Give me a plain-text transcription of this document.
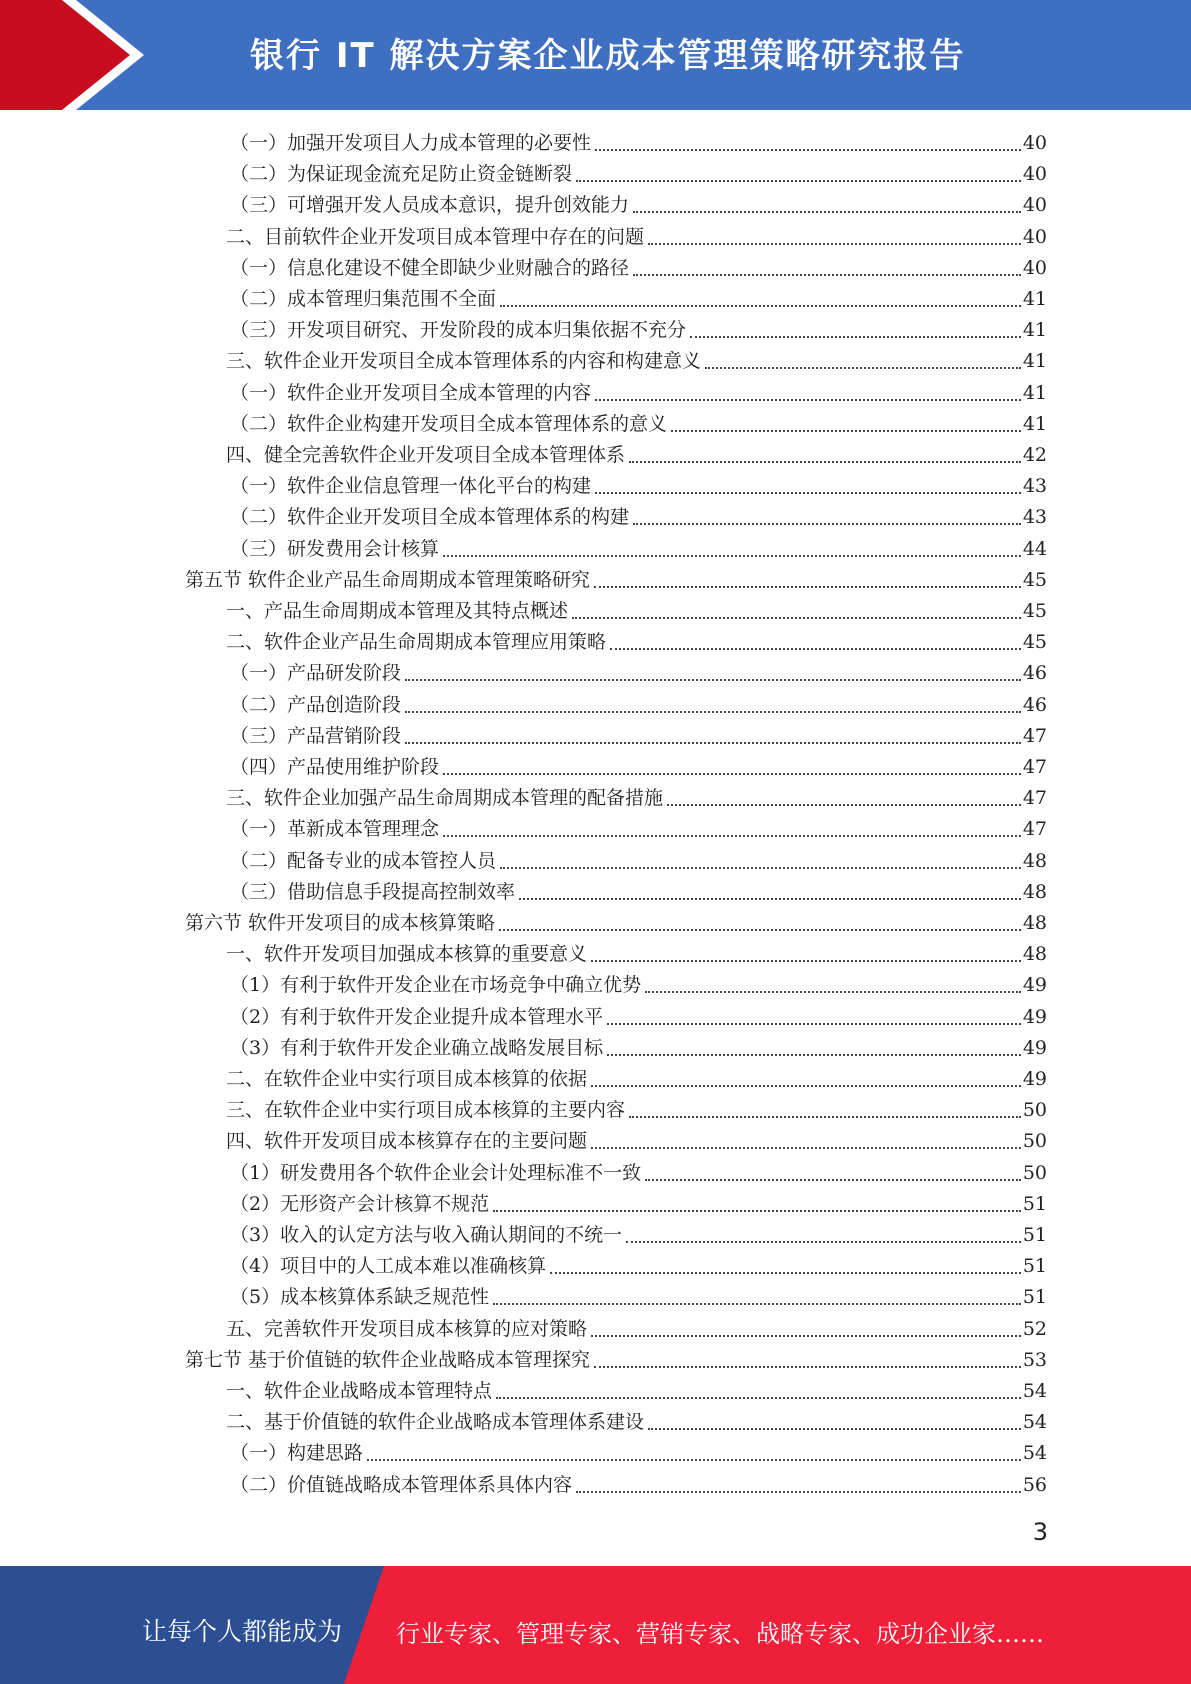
银行 IT 解决方案企业成本管理策略研究报告
（一）加强开发项目人力成本管理的必要性	40
（二）为保证现金流充足防止资金链断裂	40
（三）可增强开发人员成本意识，提升创效能力	40
二、目前软件企业开发项目成本管理中存在的问题	40
（一）信息化建设不健全即缺少业财融合的路径	40
（二）成本管理归集范围不全面	41
（三）开发项目研究、开发阶段的成本归集依据不充分	41
三、软件企业开发项目全成本管理体系的内容和构建意义	41
（一）软件企业开发项目全成本管理的内容	41
（二）软件企业构建开发项目全成本管理体系的意义	41
四、健全完善软件企业开发项目全成本管理体系	42
（一）软件企业信息管理一体化平台的构建	43
（二）软件企业开发项目全成本管理体系的构建	43
（三）研发费用会计核算	44
第五节 软件企业产品生命周期成本管理策略研究	45
一、产品生命周期成本管理及其特点概述	45
二、软件企业产品生命周期成本管理应用策略	45
（一）产品研发阶段	46
（二）产品创造阶段	46
（三）产品营销阶段	47
（四）产品使用维护阶段	47
三、软件企业加强产品生命周期成本管理的配备措施	47
（一）革新成本管理理念	47
（二）配备专业的成本管控人员	48
（三）借助信息手段提高控制效率	48
第六节 软件开发项目的成本核算策略	48
一、软件开发项目加强成本核算的重要意义	48
（1）有利于软件开发企业在市场竞争中确立优势	49
（2）有利于软件开发企业提升成本管理水平	49
（3）有利于软件开发企业确立战略发展目标	49
二、在软件企业中实行项目成本核算的依据	49
三、在软件企业中实行项目成本核算的主要内容	50
四、软件开发项目成本核算存在的主要问题	50
（1）研发费用各个软件企业会计处理标准不一致	50
（2）无形资产会计核算不规范	51
（3）收入的认定方法与收入确认期间的不统一	51
（4）项目中的人工成本难以准确核算	51
（5）成本核算体系缺乏规范性	51
五、完善软件开发项目成本核算的应对策略	52
第七节 基于价值链的软件企业战略成本管理探究	53
一、软件企业战略成本管理特点	54
二、基于价值链的软件企业战略成本管理体系建设	54
（一）构建思路	54
（二）价值链战略成本管理体系具体内容	56
3
让每个人都能成为 行业专家、管理专家、营销专家、战略专家、成功企业家……
